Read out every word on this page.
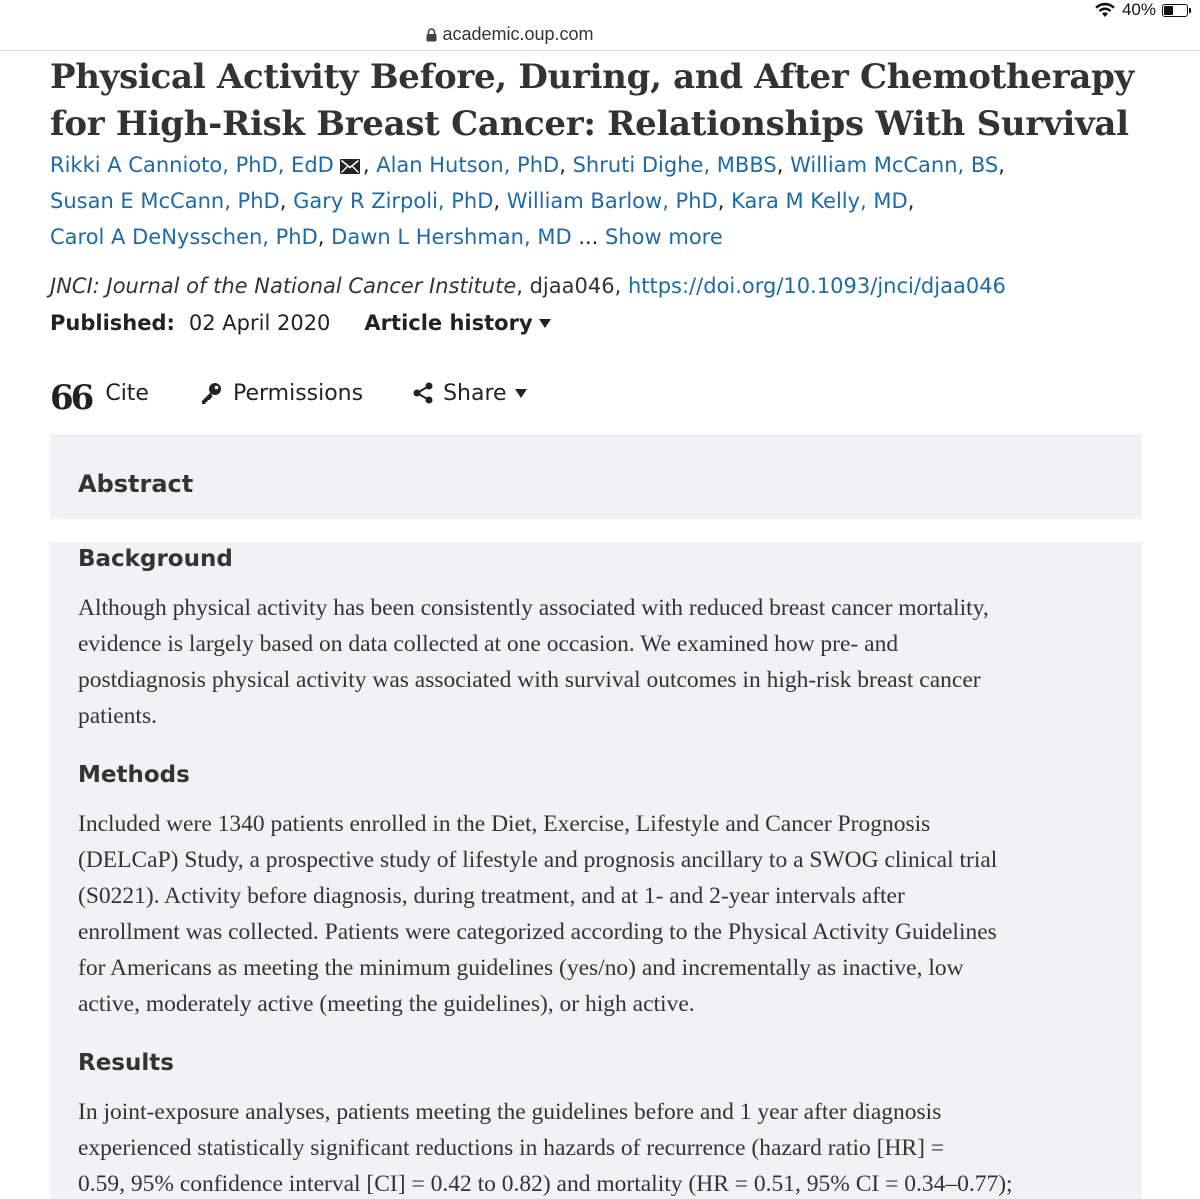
40%
academic.oup.com
Physical Activity Before, During, and After Chemotherapy for High-Risk Breast Cancer: Relationships With Survival
Rikki A Cannioto, PhD, EdD , Alan Hutson, PhD, Shruti Dighe, MBBS, William McCann, BS,
Susan E McCann, PhD, Gary R Zirpoli, PhD, William Barlow, PhD, Kara M Kelly, MD,
Carol A DeNysschen, PhD, Dawn L Hershman, MD ... Show more
JNCI: Journal of the National Cancer Institute, djaa046, https://doi.org/10.1093/jnci/djaa046
Published: 02 April 2020 Article history
66 Cite	Permissions	Share
Abstract
Background
Although physical activity has been consistently associated with reduced breast cancer mortality,
evidence is largely based on data collected at one occasion. We examined how pre- and
postdiagnosis physical activity was associated with survival outcomes in high-risk breast cancer
patients.
Methods
Included were 1340 patients enrolled in the Diet, Exercise, Lifestyle and Cancer Prognosis
(DELCaP) Study, a prospective study of lifestyle and prognosis ancillary to a SWOG clinical trial
(S0221). Activity before diagnosis, during treatment, and at 1- and 2-year intervals after
enrollment was collected. Patients were categorized according to the Physical Activity Guidelines
for Americans as meeting the minimum guidelines (yes/no) and incrementally as inactive, low
active, moderately active (meeting the guidelines), or high active.
Results
In joint-exposure analyses, patients meeting the guidelines before and 1 year after diagnosis
experienced statistically significant reductions in hazards of recurrence (hazard ratio [HR] =
0.59, 95% confidence interval [CI] = 0.42 to 0.82) and mortality (HR = 0.51, 95% CI = 0.34–0.77);
